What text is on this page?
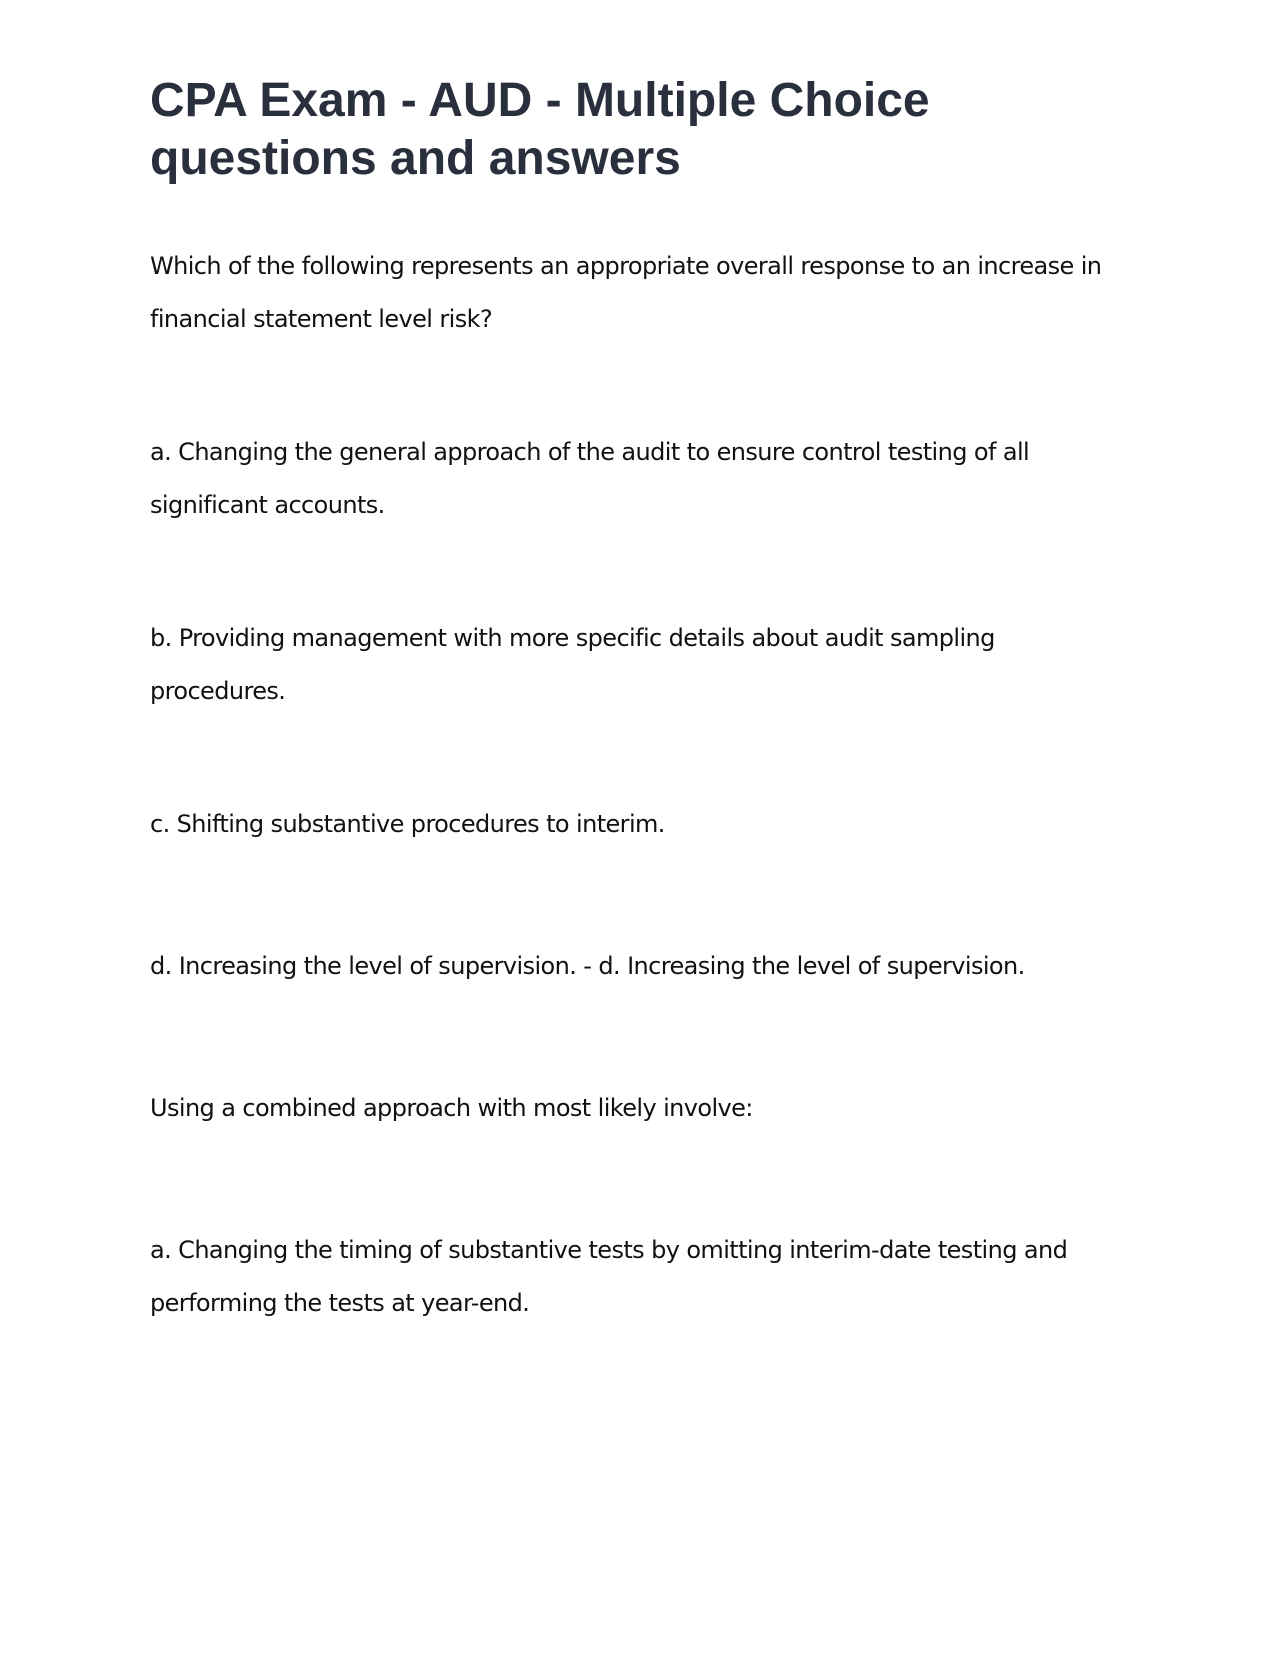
CPA Exam - AUD - Multiple Choice questions and answers

Which of the following represents an appropriate overall response to an increase in financial statement level risk?

a. Changing the general approach of the audit to ensure control testing of all significant accounts.

b. Providing management with more specific details about audit sampling procedures.

c. Shifting substantive procedures to interim.

d. Increasing the level of supervision. - d. Increasing the level of supervision.

Using a combined approach with most likely involve:

a. Changing the timing of substantive tests by omitting interim-date testing and performing the tests at year-end.
